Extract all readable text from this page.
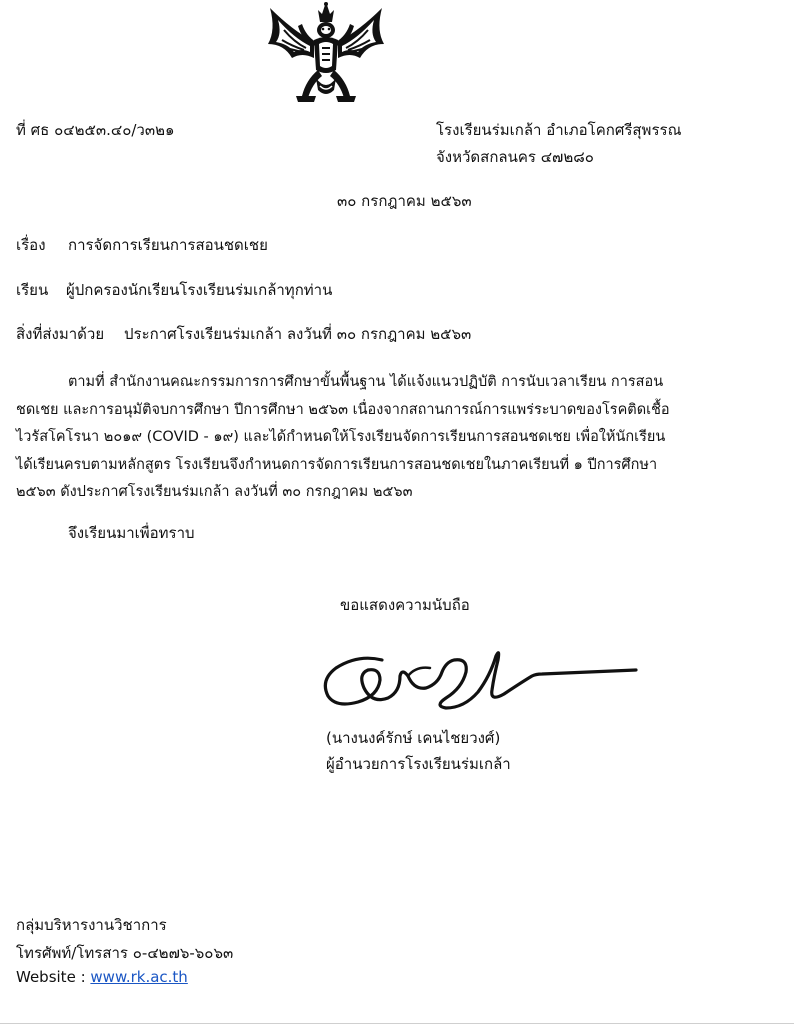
ที่ ศธ ๐๔๒๕๓.๔๐/ว๓๒๑	โรงเรียนร่มเกล้า อำเภอโคกศรีสุพรรณ
จังหวัดสกลนคร ๔๗๒๘๐
๓๐ กรกฎาคม ๒๕๖๓
เรื่อง การจัดการเรียนการสอนชดเชย
เรียน ผู้ปกครองนักเรียนโรงเรียนร่มเกล้าทุกท่าน
สิ่งที่ส่งมาด้วย ประกาศโรงเรียนร่มเกล้า ลงวันที่ ๓๐ กรกฎาคม ๒๕๖๓
ตามที่ สำนักงานคณะกรรมการการศึกษาขั้นพื้นฐาน ได้แจ้งแนวปฏิบัติ การนับเวลาเรียน การสอน
ชดเชย และการอนุมัติจบการศึกษา ปีการศึกษา ๒๕๖๓ เนื่องจากสถานการณ์การแพร่ระบาดของโรคติดเชื้อ
ไวรัสโคโรนา ๒๐๑๙ (COVID - ๑๙) และได้กำหนดให้โรงเรียนจัดการเรียนการสอนชดเชย เพื่อให้นักเรียน
ได้เรียนครบตามหลักสูตร โรงเรียนจึงกำหนดการจัดการเรียนการสอนชดเชยในภาคเรียนที่ ๑ ปีการศึกษา
๒๕๖๓ ดังประกาศโรงเรียนร่มเกล้า ลงวันที่ ๓๐ กรกฎาคม ๒๕๖๓
จึงเรียนมาเพื่อทราบ
ขอแสดงความนับถือ
(นางนงค์รักษ์ เคนไชยวงศ์)
ผู้อำนวยการโรงเรียนร่มเกล้า
กลุ่มบริหารงานวิชาการ
โทรศัพท์/โทรสาร ๐-๔๒๗๖-๖๐๖๓
Website : www.rk.ac.th
